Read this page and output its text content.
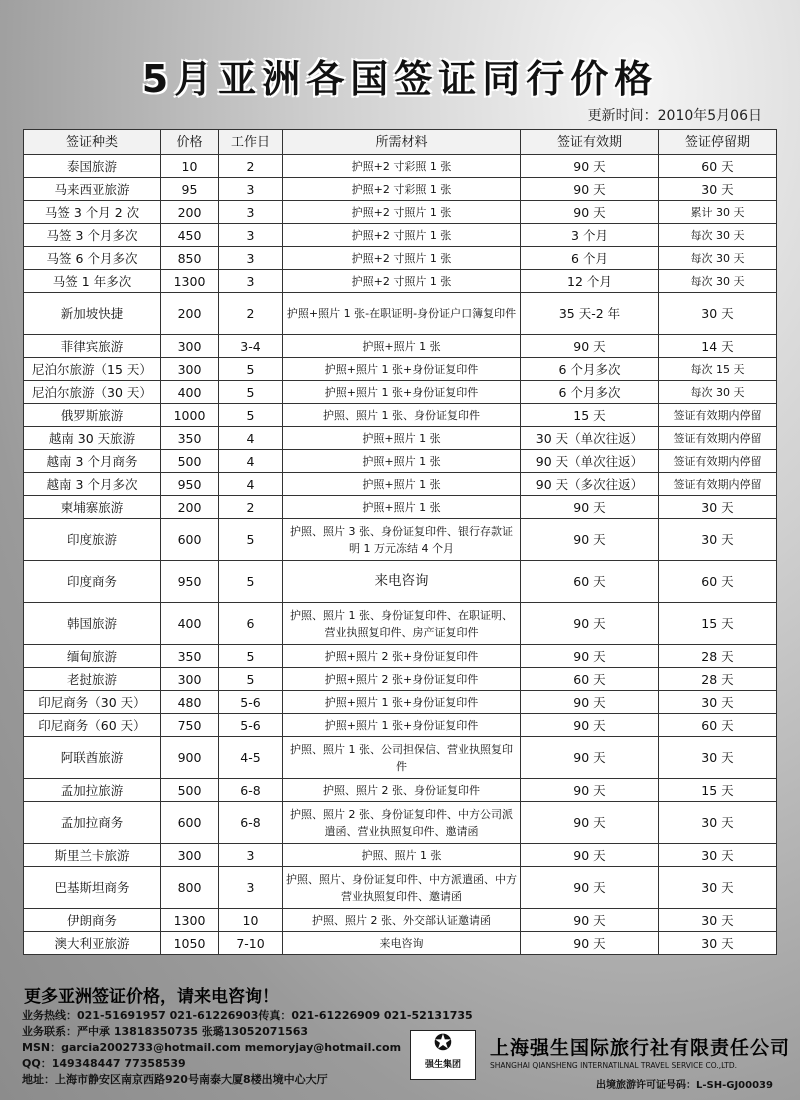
5月亚洲各国签证同行价格
更新时间：2010年5月06日
签证种类	价格	工作日	所需材料	签证有效期	签证停留期
泰国旅游	10	2	护照+2 寸彩照 1 张	90 天	60 天
马来西亚旅游	95	3	护照+2 寸彩照 1 张	90 天	30 天
马签 3 个月 2 次	200	3	护照+2 寸照片 1 张	90 天	累计 30 天
马签 3 个月多次	450	3	护照+2 寸照片 1 张	3 个月	每次 30 天
马签 6 个月多次	850	3	护照+2 寸照片 1 张	6 个月	每次 30 天
马签 1 年多次	1300	3	护照+2 寸照片 1 张	12 个月	每次 30 天
新加坡快捷	200	2	护照+照片 1 张-在职证明-身份证户口簿复印件	35 天-2 年	30 天
菲律宾旅游	300	3-4	护照+照片 1 张	90 天	14 天
尼泊尔旅游（15 天）	300	5	护照+照片 1 张+身份证复印件	6 个月多次	每次 15 天
尼泊尔旅游（30 天）	400	5	护照+照片 1 张+身份证复印件	6 个月多次	每次 30 天
俄罗斯旅游	1000	5	护照、照片 1 张、身份证复印件	15 天	签证有效期内停留
越南 30 天旅游	350	4	护照+照片 1 张	30 天（单次往返）	签证有效期内停留
越南 3 个月商务	500	4	护照+照片 1 张	90 天（单次往返）	签证有效期内停留
越南 3 个月多次	950	4	护照+照片 1 张	90 天（多次往返）	签证有效期内停留
柬埔寨旅游	200	2	护照+照片 1 张	90 天	30 天
印度旅游	600	5	护照、照片 3 张、身份证复印件、银行存款证明 1 万元冻结 4 个月	90 天	30 天
印度商务	950	5	来电咨询	60 天	60 天
韩国旅游	400	6	护照、照片 1 张、身份证复印件、在职证明、营业执照复印件、房产证复印件	90 天	15 天
缅甸旅游	350	5	护照+照片 2 张+身份证复印件	90 天	28 天
老挝旅游	300	5	护照+照片 2 张+身份证复印件	60 天	28 天
印尼商务（30 天）	480	5-6	护照+照片 1 张+身份证复印件	90 天	30 天
印尼商务（60 天）	750	5-6	护照+照片 1 张+身份证复印件	90 天	60 天
阿联酋旅游	900	4-5	护照、照片 1 张、公司担保信、营业执照复印件	90 天	30 天
孟加拉旅游	500	6-8	护照、照片 2 张、身份证复印件	90 天	15 天
孟加拉商务	600	6-8	护照、照片 2 张、身份证复印件、中方公司派遣函、营业执照复印件、邀请函	90 天	30 天
斯里兰卡旅游	300	3	护照、照片 1 张	90 天	30 天
巴基斯坦商务	800	3	护照、照片、身份证复印件、中方派遣函、中方营业执照复印件、邀请函	90 天	30 天
伊朗商务	1300	10	护照、照片 2 张、外交部认证邀请函	90 天	30 天
澳大利亚旅游	1050	7-10	来电咨询	90 天	30 天
更多亚洲签证价格，请来电咨询！
业务热线：021-51691957 021-61226903传真：021-61226909 021-52131735
业务联系：严中承 13818350735 张璐13052071563
MSN：garcia2002733@hotmail.com memoryjay@hotmail.com
QQ：149348447 77358539
地址：上海市静安区南京西路920号南泰大厦8楼出境中心大厅
✪
强生集团
上海强生国际旅行社有限责任公司
SHANGHAI QIANSHENG INTERNATILNAL TRAVEL SERVICE CO.,LTD.
出境旅游许可证号码：L-SH-GJ00039
